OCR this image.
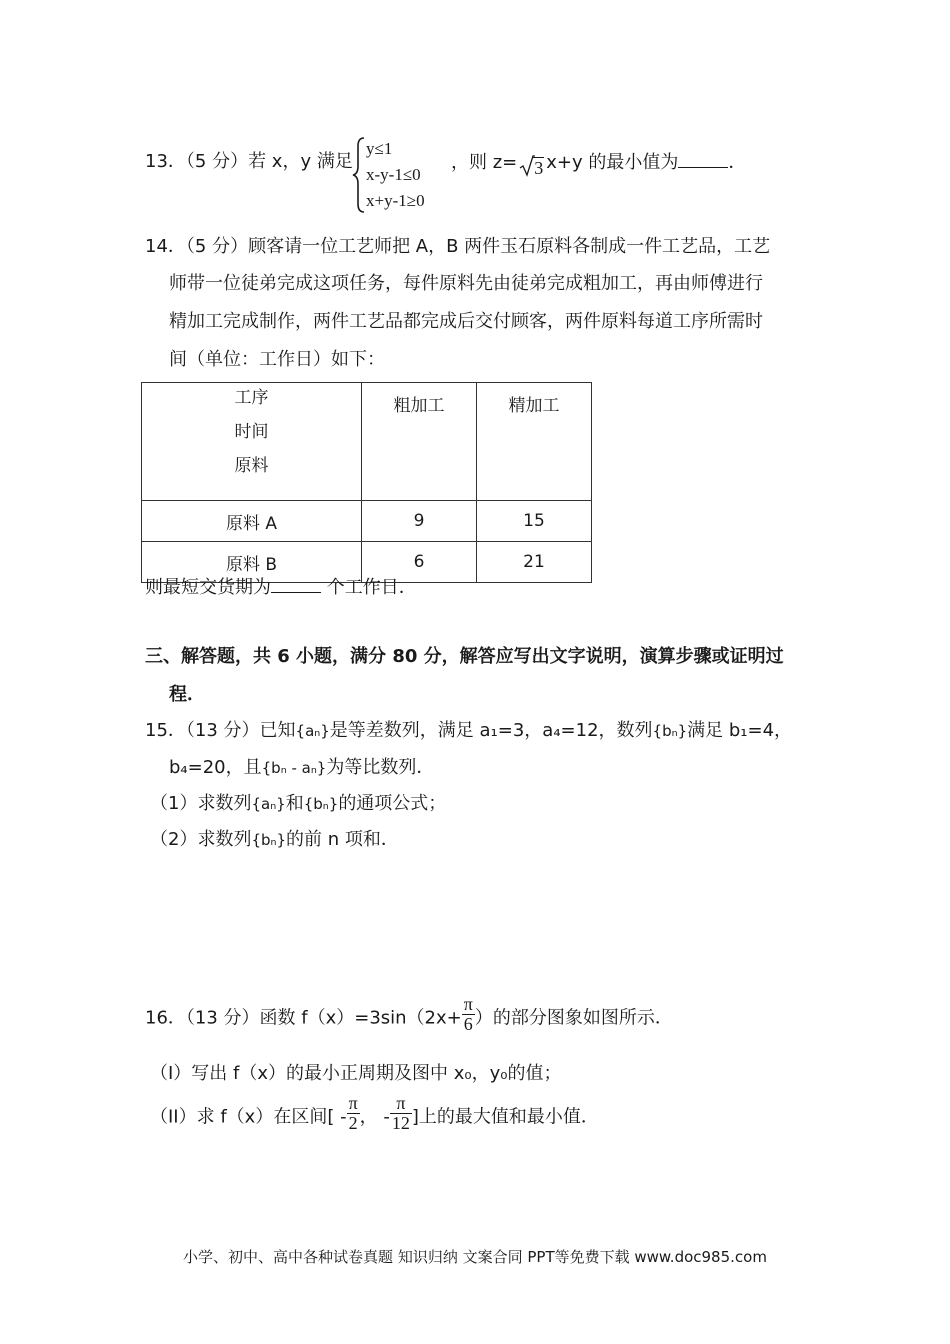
13．（5 分）若 x，y 满足
y≤1
x-y-1≤0
x+y-1≥0
，则 z= 3 x+y 的最小值为	．
14．（5 分）顾客请一位工艺师把 A，B 两件玉石原料各制成一件工艺品，工艺
师带一位徒弟完成这项任务，每件原料先由徒弟完成粗加工，再由师傅进行
精加工完成制作，两件工艺品都完成后交付顾客，两件原料每道工序所需时
间（单位：工作日）如下：
工序
时间
原料	粗加工	精加工
原料 A	9	15
原料 B	6	21
则最短交货期为	个工作日．
三、解答题，共 6 小题，满分 80 分，解答应写出文字说明，演算步骤或证明过
程．
15．（13 分）已知{aₙ}是等差数列，满足 a₁=3，a₄=12，数列{bₙ}满足 b₁=4，
b₄=20，且{bₙ - aₙ}为等比数列．
（1）求数列{aₙ}和{bₙ}的通项公式；
（2）求数列{bₙ}的前 n 项和．
16．（13 分）函数 $f(x)=3\sin(2x+ \frac{\pi}{6}$ ）的部分图象如图所示．
（I）写出 f（x）的最小正周期及图中 x₀，y₀的值；
（II）求 f（x）在区间[ - $\frac{\pi}{2}$ ， - $\frac{\pi}{12}$ ]上的最大值和最小值．
小学、初中、高中各种试卷真题 知识归纳 文案合同 PPT等免费下载 www.doc985.com
